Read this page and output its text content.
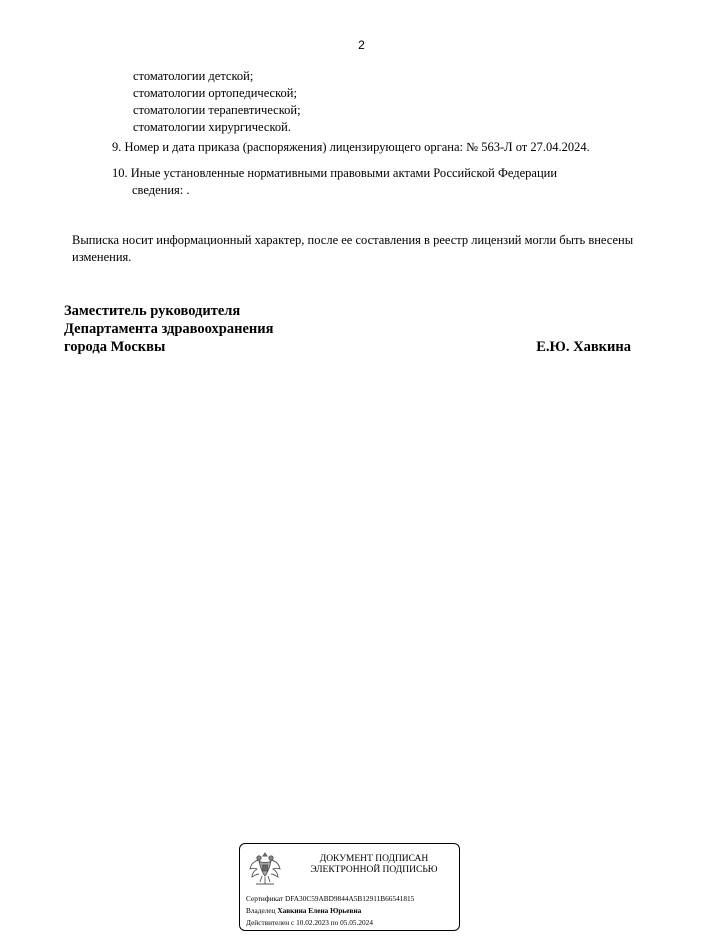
2
стоматологии детской;
стоматологии ортопедической;
стоматологии терапевтической;
стоматологии хирургической.
9. Номер и дата приказа (распоряжения) лицензирующего органа: № 563-Л от 27.04.2024.
10. Иные установленные нормативными правовыми актами Российской Федерации
сведения: .
Выписка носит информационный характер, после ее составления в реестр лицензий могли быть внесены изменения.
Заместитель руководителя
Департамента здравоохранения
города Москвы	Е.Ю. Хавкина
ДОКУМЕНТ ПОДПИСАН
ЭЛЕКТРОННОЙ ПОДПИСЬЮ
Сертификат DFA30C59ABD9844A5B12911B66541815
Владелец Хавкина Елена Юрьевна
Действителен с 10.02.2023 по 05.05.2024
